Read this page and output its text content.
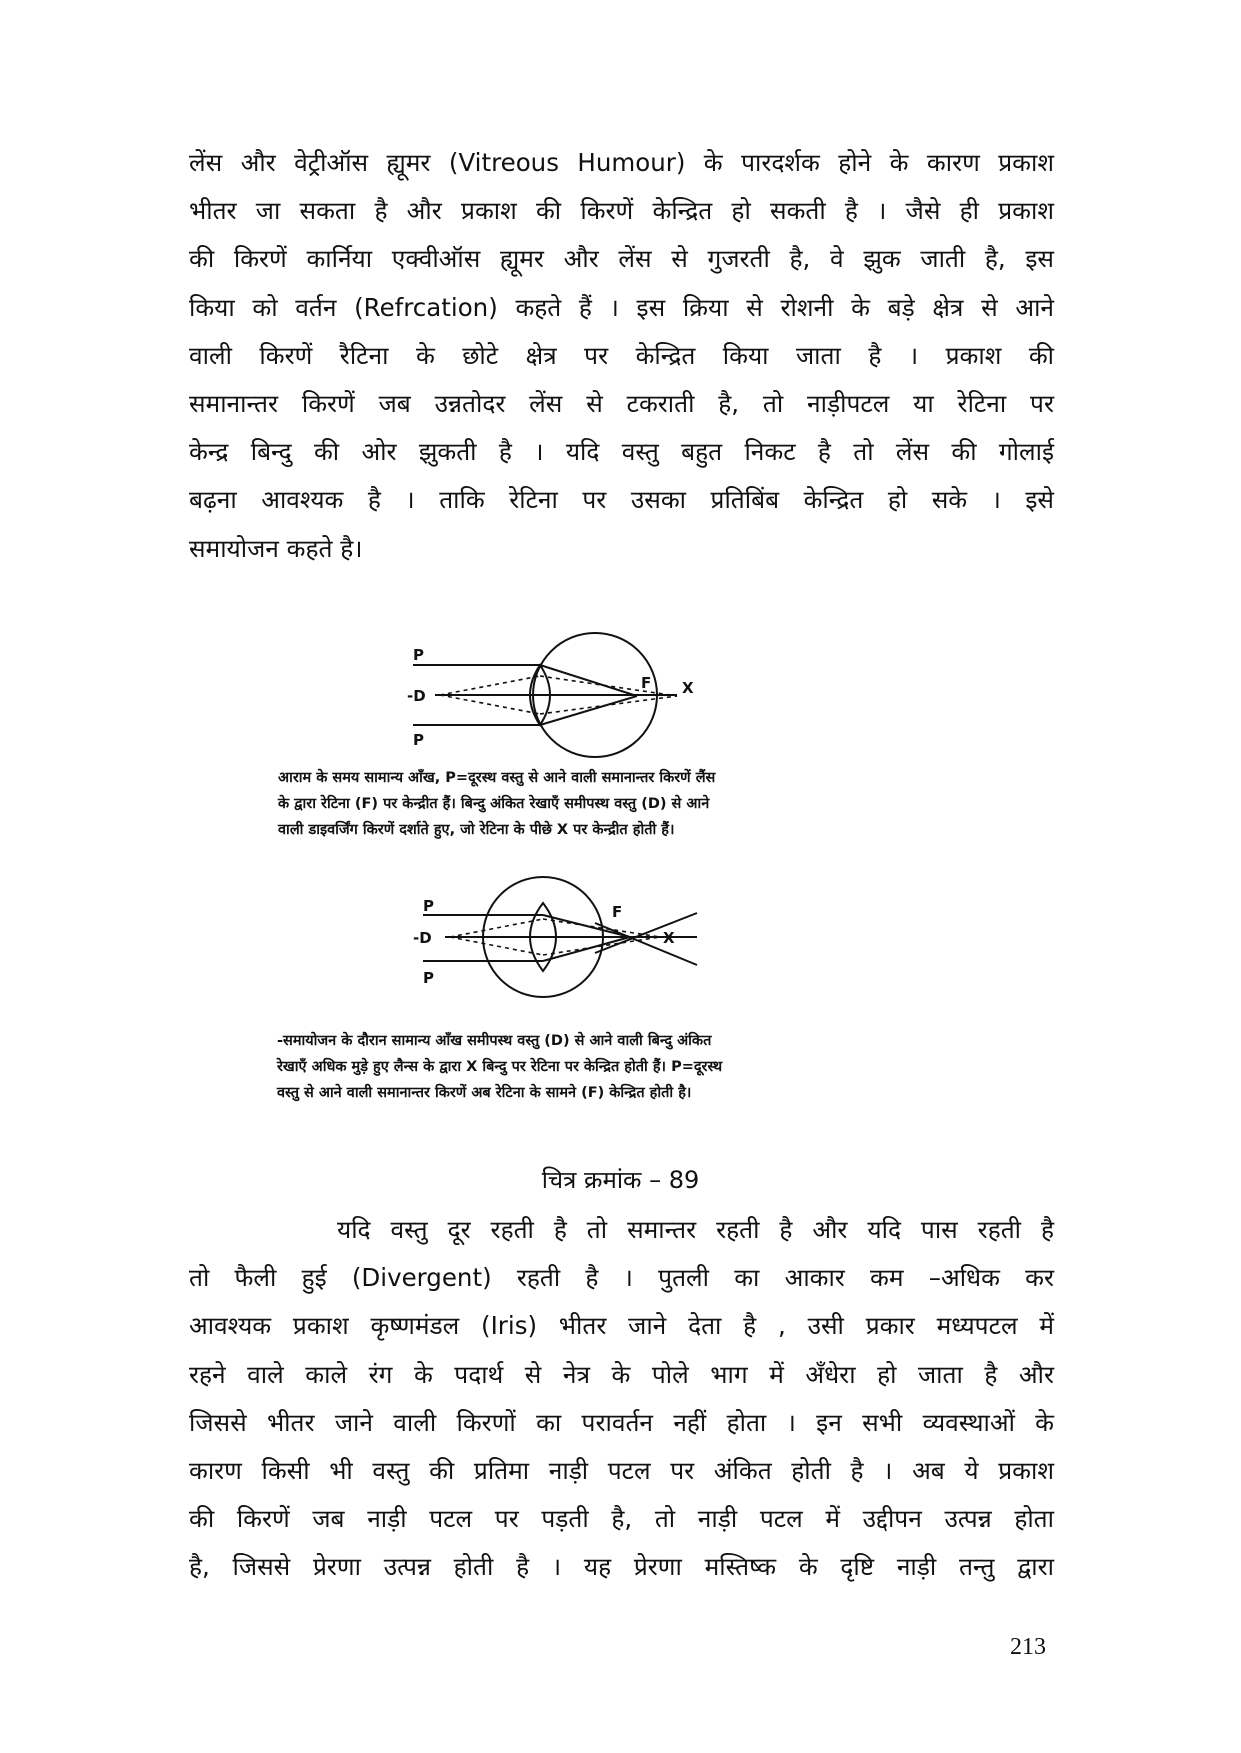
लेंस और वेट्रीऑस ह्यूमर (Vitreous Humour) के पारदर्शक होने के कारण प्रकाश
भीतर जा सकता है और प्रकाश की किरणें केन्द्रित हो सकती है । जैसे ही प्रकाश
की किरणें कार्निया एक्वीऑस ह्यूमर और लेंस से गुजरती है, वे झुक जाती है, इस
किया को वर्तन (Refrcation) कहते हैं । इस क्रिया से रोशनी के बड़े क्षेत्र से आने
वाली किरणें रैटिना के छोटे क्षेत्र पर केन्द्रित किया जाता है । प्रकाश की
समानान्तर किरणें जब उन्नतोदर लेंस से टकराती है, तो नाड़ीपटल या रेटिना पर
केन्द्र बिन्दु की ओर झुकती है । यदि वस्तु बहुत निकट है तो लेंस की गोलाई
बढ़ना आवश्यक है । ताकि रेटिना पर उसका प्रतिबिंब केन्द्रित हो सके । इसे
समायोजन कहते है।
P
-D
P
F X
आराम के समय सामान्य आँख, P=दूरस्थ वस्तु से आने वाली समानान्तर किरणें लैंस
के द्वारा रेटिना (F) पर केन्द्रीत हैं। बिन्दु अंकित रेखाएँ समीपस्थ वस्तु (D) से आने
वाली डाइवर्जिंग किरणें दर्शाते हुए, जो रेटिना के पीछे X पर केन्द्रीत होती हैं।
P
-D
P
F
X
-समायोजन के दौरान सामान्य आँख समीपस्थ वस्तु (D) से आने वाली बिन्दु अंकित
रेखाएँ अधिक मुड़े हुए लैन्स के द्वारा X बिन्दु पर रेटिना पर केन्द्रित होती हैं। P=दूरस्थ
वस्तु से आने वाली समानान्तर किरणें अब रेटिना के सामने (F) केन्द्रित होती है।
चित्र क्रमांक – 89
यदि वस्तु दूर रहती है तो समान्तर रहती है और यदि पास रहती है
तो फैली हुई (Divergent) रहती है । पुतली का आकार कम –अधिक कर
आवश्यक प्रकाश कृष्णमंडल (Iris) भीतर जाने देता है , उसी प्रकार मध्यपटल में
रहने वाले काले रंग के पदार्थ से नेत्र के पोले भाग में अँधेरा हो जाता है और
जिससे भीतर जाने वाली किरणों का परावर्तन नहीं होता । इन सभी व्यवस्थाओं के
कारण किसी भी वस्तु की प्रतिमा नाड़ी पटल पर अंकित होती है । अब ये प्रकाश
की किरणें जब नाड़ी पटल पर पड़ती है, तो नाड़ी पटल में उद्दीपन उत्पन्न होता
है, जिससे प्रेरणा उत्पन्न होती है । यह प्रेरणा मस्तिष्क के दृष्टि नाड़ी तन्तु द्वारा
213
